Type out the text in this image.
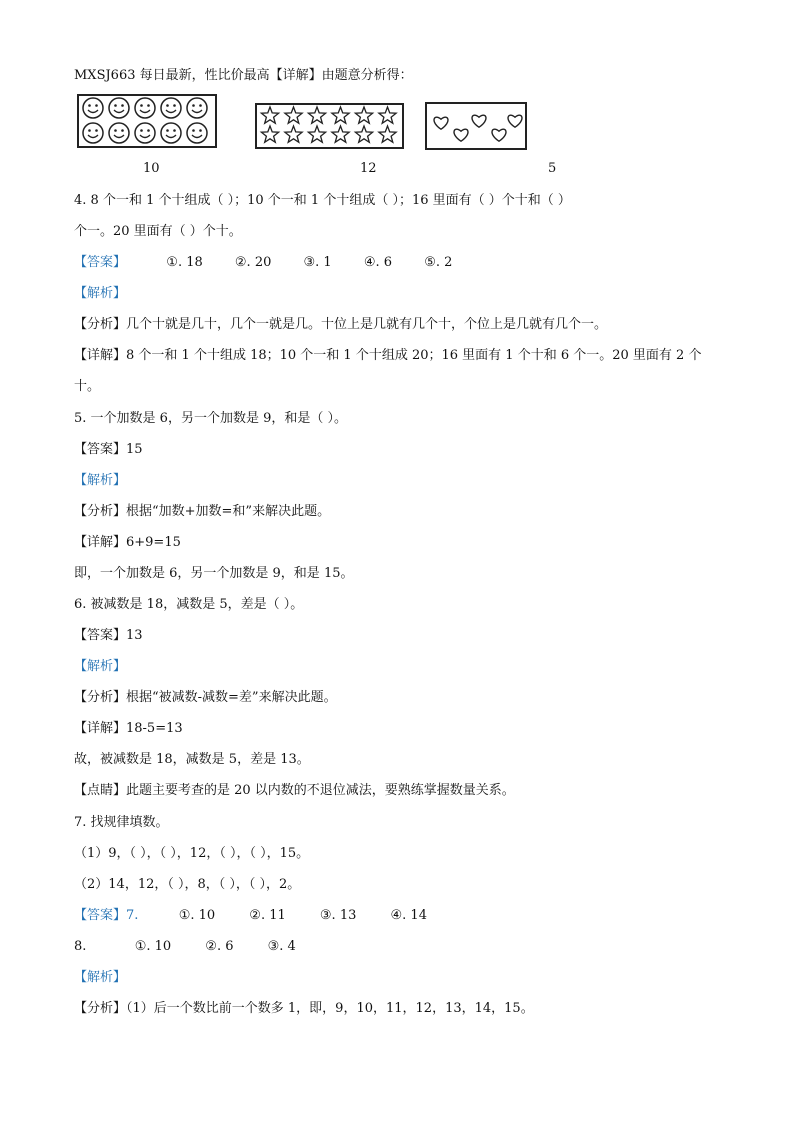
MXSJ663 每日最新，性比价最高【详解】由题意分析得：
10	12	5
4. 8 个一和 1 个十组成（ ）；10 个一和 1 个十组成（ ）；16 里面有（ ）个十和（ ）
个一。20 里面有（ ）个十。
【答案】	①. 18 ②. 20 ③. 1 ④. 6 ⑤. 2
【解析】
【分析】几个十就是几十，几个一就是几。十位上是几就有几个十，个位上是几就有几个一。
【详解】8 个一和 1 个十组成 18；10 个一和 1 个十组成 20；16 里面有 1 个十和 6 个一。20 里面有 2 个
十。
5. 一个加数是 6，另一个加数是 9，和是（ ）。
【答案】15
【解析】
【分析】根据“加数+加数=和”来解决此题。
【详解】6+9=15
即，一个加数是 6，另一个加数是 9，和是 15。
6. 被减数是 18，减数是 5，差是（ ）。
【答案】13
【解析】
【分析】根据“被减数-减数=差”来解决此题。
【详解】18-5=13
故，被减数是 18，减数是 5，差是 13。
【点睛】此题主要考查的是 20 以内数的不退位减法，要熟练掌握数量关系。
7. 找规律填数。
（1）9，（ ），（ ），12，（ ），（ ），15。
（2）14，12，（ ），8，（ ），（ ），2。
【答案】7.	①. 10	②. 11	③. 13	④. 14
8.	①. 10	②. 6	③. 4
【解析】
【分析】（1）后一个数比前一个数多 1，即，9，10，11，12，13，14，15。
